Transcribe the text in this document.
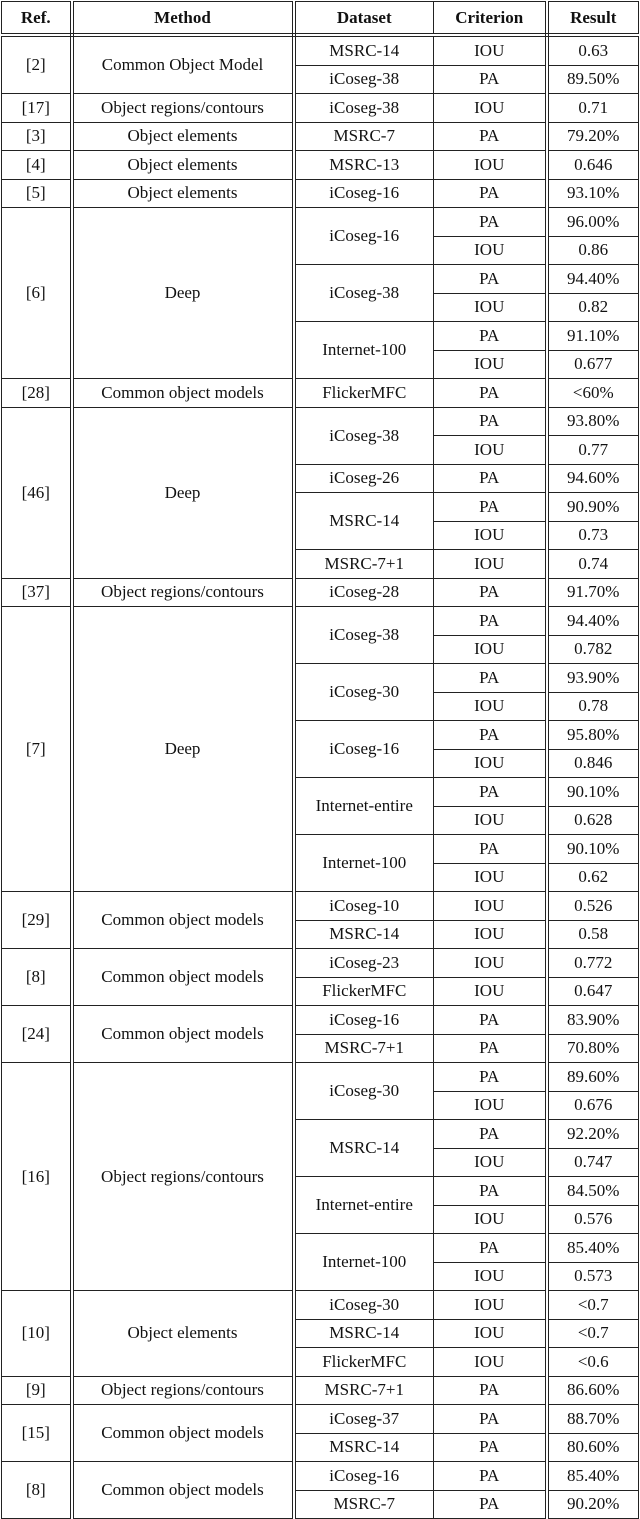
Ref.	Method	Dataset	Criterion	Result
[2]	Common Object Model	MSRC-14	IOU	0.63
		iCoseg-38	PA	89.50%
[17]	Object regions/contours	iCoseg-38	IOU	0.71
[3]	Object elements	MSRC-7	PA	79.20%
[4]	Object elements	MSRC-13	IOU	0.646
[5]	Object elements	iCoseg-16	PA	93.10%
[6]	Deep	iCoseg-16	PA	96.00%
			IOU	0.86
		iCoseg-38	PA	94.40%
			IOU	0.82
		Internet-100	PA	91.10%
			IOU	0.677
[28]	Common object models	FlickerMFC	PA	<60%
[46]	Deep	iCoseg-38	PA	93.80%
			IOU	0.77
		iCoseg-26	PA	94.60%
		MSRC-14	PA	90.90%
			IOU	0.73
		MSRC-7+1	IOU	0.74
[37]	Object regions/contours	iCoseg-28	PA	91.70%
[7]	Deep	iCoseg-38	PA	94.40%
			IOU	0.782
		iCoseg-30	PA	93.90%
			IOU	0.78
		iCoseg-16	PA	95.80%
			IOU	0.846
		Internet-entire	PA	90.10%
			IOU	0.628
		Internet-100	PA	90.10%
			IOU	0.62
[29]	Common object models	iCoseg-10	IOU	0.526
		MSRC-14	IOU	0.58
[8]	Common object models	iCoseg-23	IOU	0.772
		FlickerMFC	IOU	0.647
[24]	Common object models	iCoseg-16	PA	83.90%
		MSRC-7+1	PA	70.80%
[16]	Object regions/contours	iCoseg-30	PA	89.60%
			IOU	0.676
		MSRC-14	PA	92.20%
			IOU	0.747
		Internet-entire	PA	84.50%
			IOU	0.576
		Internet-100	PA	85.40%
			IOU	0.573
[10]	Object elements	iCoseg-30	IOU	<0.7
		MSRC-14	IOU	<0.7
		FlickerMFC	IOU	<0.6
[9]	Object regions/contours	MSRC-7+1	PA	86.60%
[15]	Common object models	iCoseg-37	PA	88.70%
		MSRC-14	PA	80.60%
[8]	Common object models	iCoseg-16	PA	85.40%
		MSRC-7	PA	90.20%
